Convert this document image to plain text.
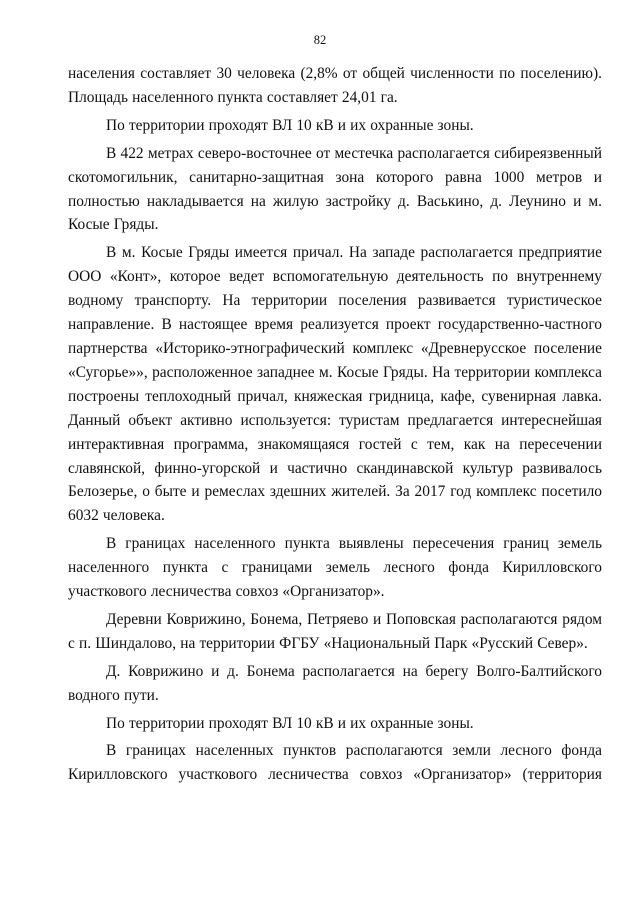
82

населения составляет 30 человека (2,8% от общей численности по поселению). Площадь населенного пункта составляет 24,01 га.

По территории проходят ВЛ 10 кВ и их охранные зоны.

В 422 метрах северо-восточнее от местечка располагается сибиреязвенный скотомогильник, санитарно-защитная зона которого равна 1000 метров и полностью накладывается на жилую застройку д. Васькино, д. Леунино и м. Косые Гряды.

В м. Косые Гряды имеется причал. На западе располагается предприятие ООО «Конт», которое ведет вспомогательную деятельность по внутреннему водному транспорту. На территории поселения развивается туристическое направление. В настоящее время реализуется проект государственно-частного партнерства «Историко-этнографический комплекс «Древнерусское поселение «Сугорье»», расположенное западнее м. Косые Гряды. На территории комплекса построены теплоходный причал, княжеская гридница, кафе, сувенирная лавка. Данный объект активно используется: туристам предлагается интереснейшая интерактивная программа, знакомящаяся гостей с тем, как на пересечении славянской, финно-угорской и частично скандинавской культур развивалось Белозерье, о быте и ремеслах здешних жителей. За 2017 год комплекс посетило 6032 человека.

В границах населенного пункта выявлены пересечения границ земель населенного пункта с границами земель лесного фонда Кирилловского участкового лесничества совхоз «Организатор».

Деревни Коврижино, Бонема, Петряево и Поповская располагаются рядом с п. Шиндалово, на территории ФГБУ «Национальный Парк «Русский Север».

Д. Коврижино и д. Бонема располагается на берегу Волго-Балтийского водного пути.

По территории проходят ВЛ 10 кВ и их охранные зоны.

В границах населенных пунктов располагаются земли лесного фонда Кирилловского участкового лесничества совхоз «Организатор» (территория
